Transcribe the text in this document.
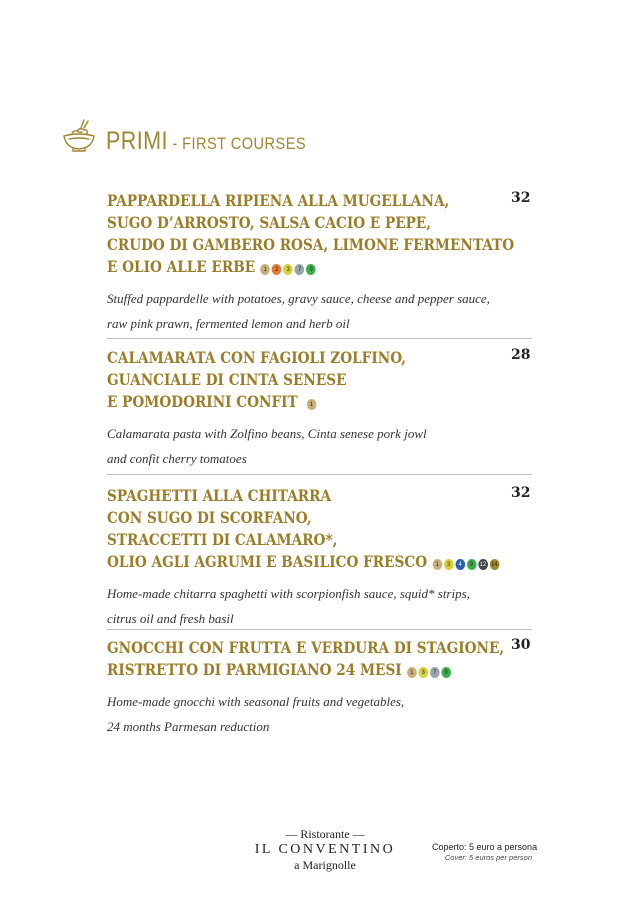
PRIMI - FIRST COURSES
PAPPARDELLA RIPIENA ALLA MUGELLANA,
SUGO D’ARROSTO, SALSA CACIO E PEPE,
CRUDO DI GAMBERO ROSA, LIMONE FERMENTATO
E OLIO ALLE ERBE	1	2	3	7	9
32
Stuffed pappardelle with potatoes, gravy sauce, cheese and pepper sauce,
raw pink prawn, fermented lemon and herb oil
CALAMARATA CON FAGIOLI ZOLFINO,
GUANCIALE DI CINTA SENESE
E POMODORINI CONFIT	1
28
Calamarata pasta with Zolfino beans, Cinta senese pork jowl
and confit cherry tomatoes
SPAGHETTI ALLA CHITARRA
CON SUGO DI SCORFANO,
STRACCETTI DI CALAMARO*,
OLIO AGLI AGRUMI E BASILICO FRESCO	1	3	4	9	12 14
32
Home-made chitarra spaghetti with scorpionfish sauce, squid* strips,
citrus oil and fresh basil
GNOCCHI CON FRUTTA E VERDURA DI STAGIONE,
RISTRETTO DI PARMIGIANO 24 MESI	1	3	7	9
30
Home-made gnocchi with seasonal fruits and vegetables,
24 months Parmesan reduction
— Ristorante —
IL CONVENTINO
a Marignolle
Coperto: 5 euro a persona
Cover: 5 euros per person
